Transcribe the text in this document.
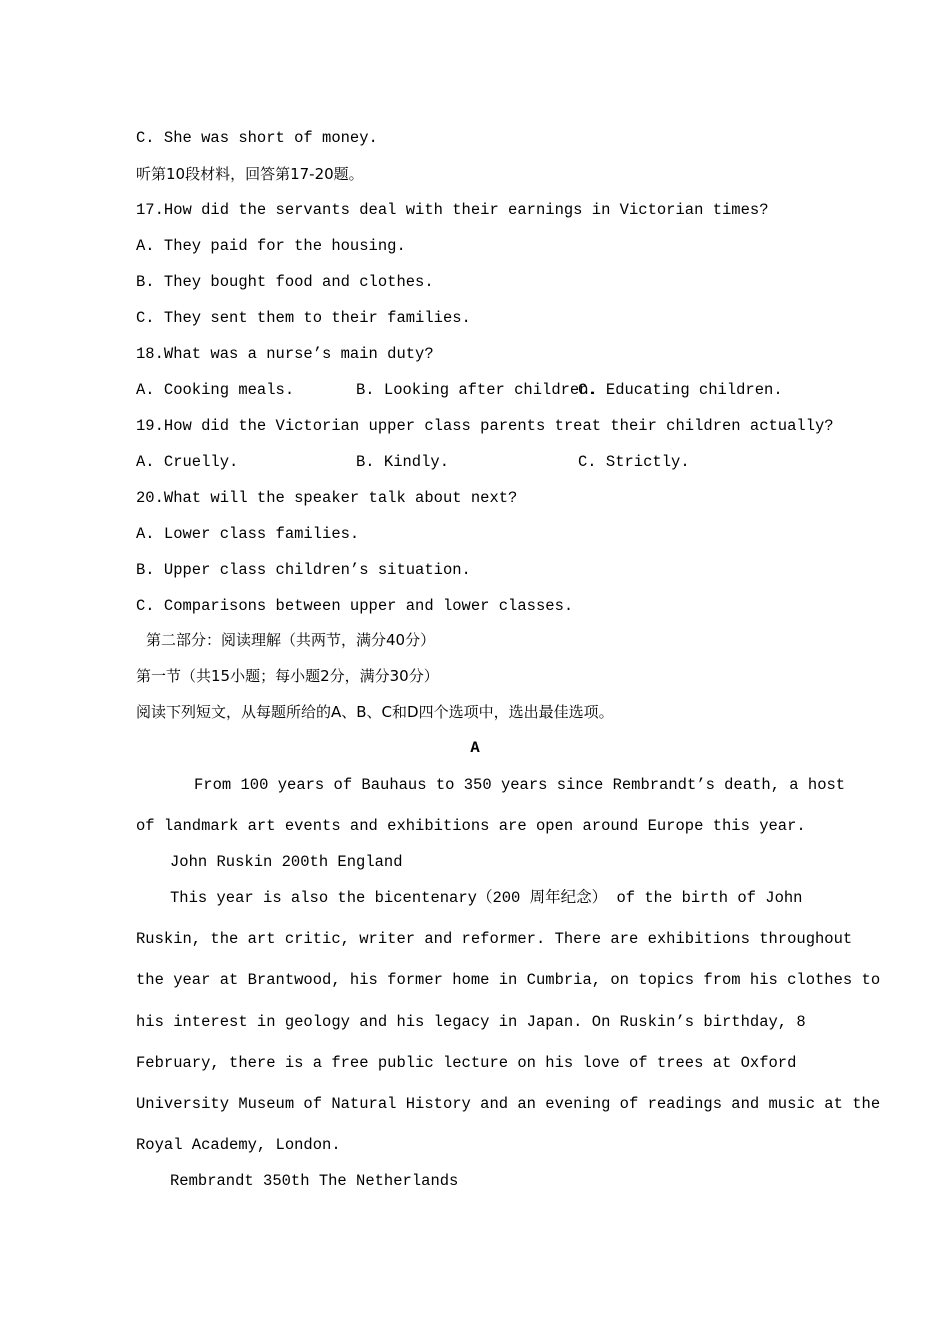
C. She was short of money.
听第10段材料，回答第17-20题。
17.How did the servants deal with their earnings in Victorian times?
A. They paid for the housing.
B. They bought food and clothes.
C. They sent them to their families.
18.What was a nurse’s main duty?
A. Cooking meals.	B. Looking after children.
C. Educating children.
19.How did the Victorian upper class parents treat their children actually?
A. Cruelly.	B. Kindly.	C. Strictly.
20.What will the speaker talk about next?
A. Lower class families.
B. Upper class children’s situation.
C. Comparisons between upper and lower classes.
第二部分：阅读理解（共两节，满分40分）
第一节（共15小题；每小题2分，满分30分）
阅读下列短文，从每题所给的A、B、C和D四个选项中，选出最佳选项。
A
From 100 years of Bauhaus to 350 years since Rembrandt’s death, a host
of landmark art events and exhibitions are open around Europe this year.
John Ruskin 200th England
This year is also the bicentenary（200 周年纪念） of the birth of John
Ruskin, the art critic, writer and reformer. There are exhibitions throughout
the year at Brantwood, his former home in Cumbria, on topics from his clothes to
his interest in geology and his legacy in Japan. On Ruskin’s birthday, 8
February, there is a free public lecture on his love of trees at Oxford
University Museum of Natural History and an evening of readings and music at the
Royal Academy, London.
Rembrandt 350th The Netherlands
